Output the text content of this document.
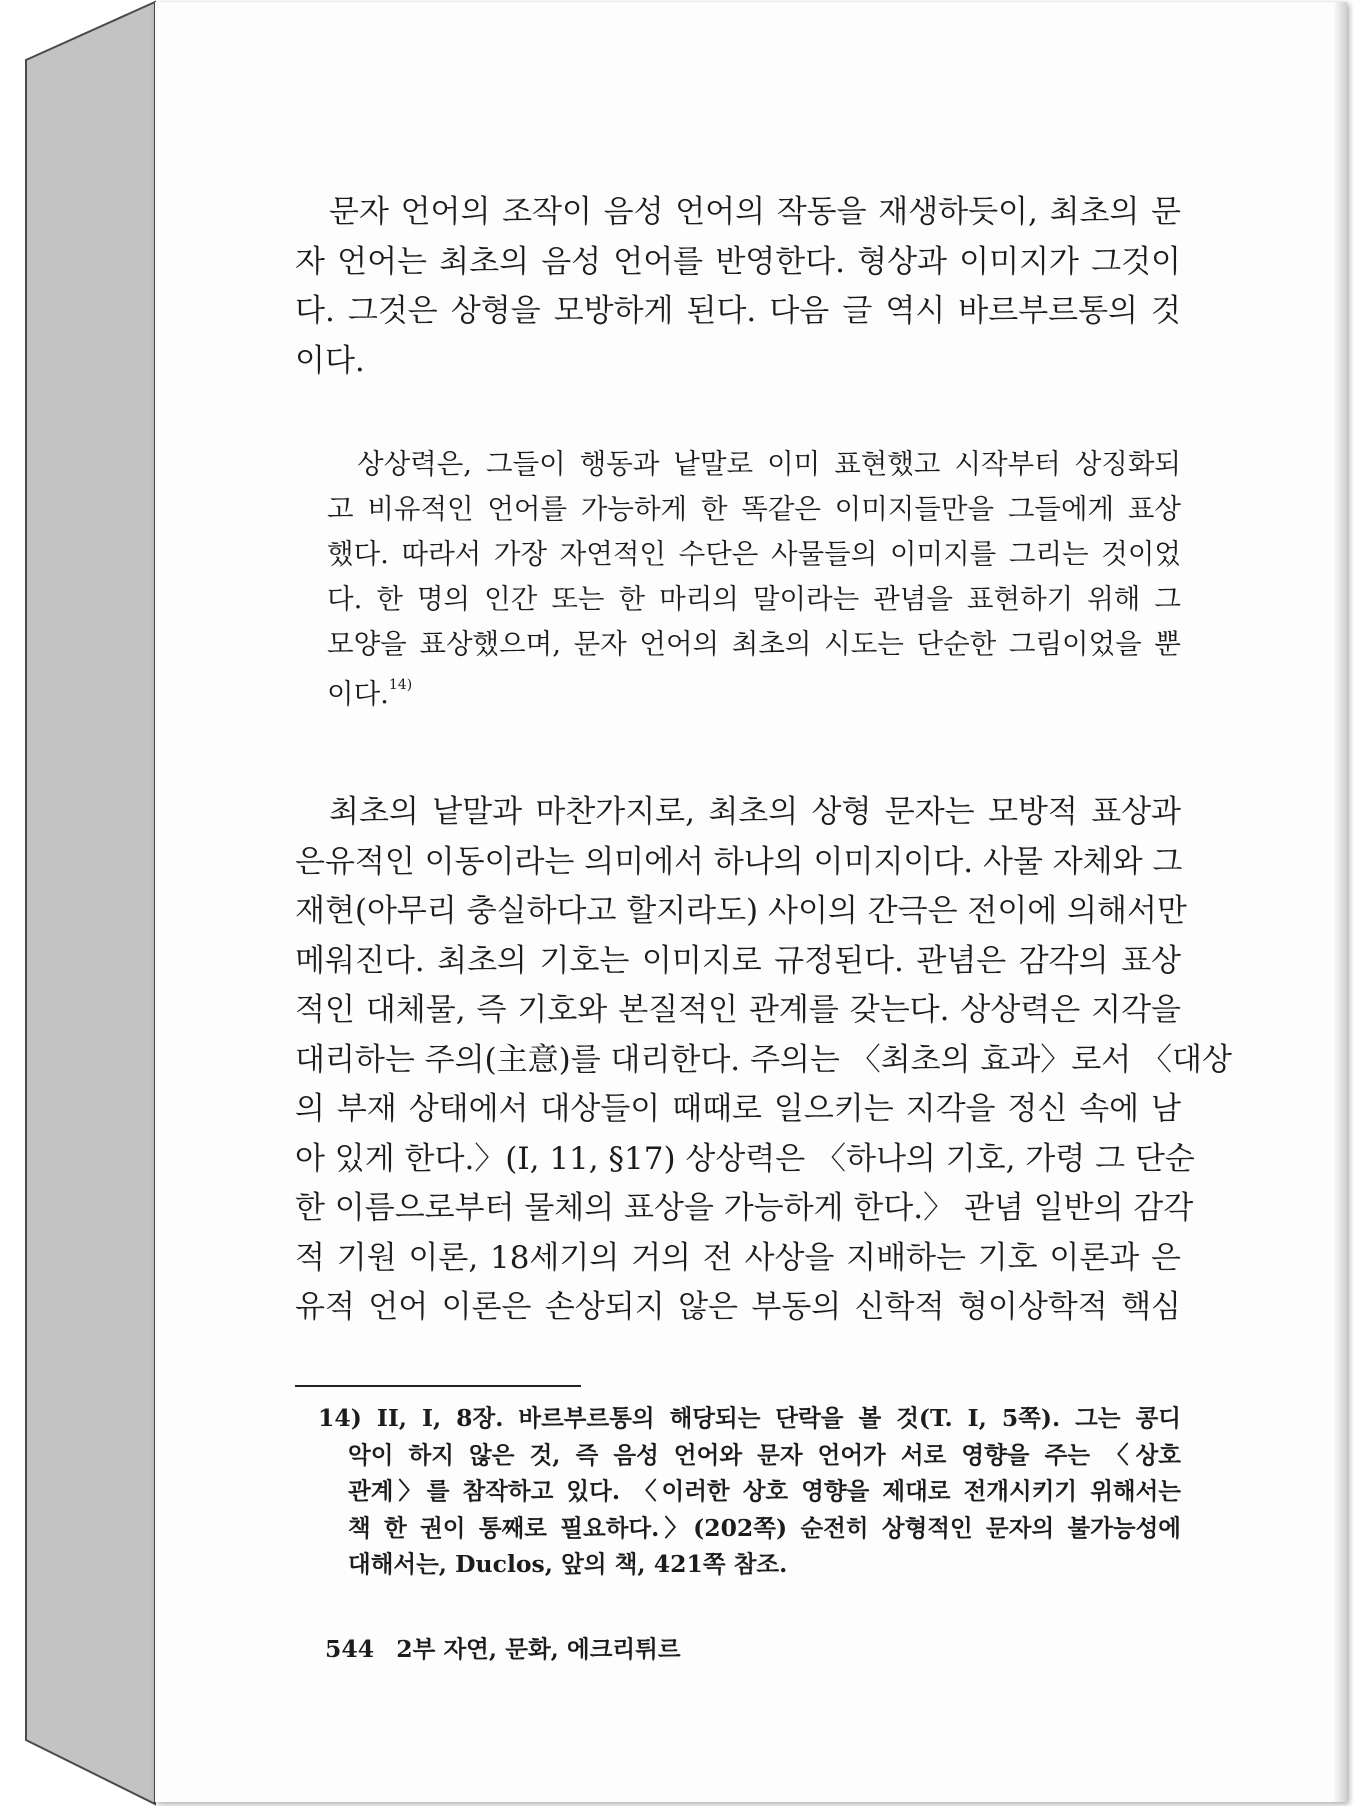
문자 언어의 조작이 음성 언어의 작동을 재생하듯이, 최초의 문
자 언어는 최초의 음성 언어를 반영한다. 형상과 이미지가 그것이
다. 그것은 상형을 모방하게 된다. 다음 글 역시 바르부르통의 것
이다.
상상력은, 그들이 행동과 낱말로 이미 표현했고 시작부터 상징화되
고 비유적인 언어를 가능하게 한 똑같은 이미지들만을 그들에게 표상
했다. 따라서 가장 자연적인 수단은 사물들의 이미지를 그리는 것이었
다. 한 명의 인간 또는 한 마리의 말이라는 관념을 표현하기 위해 그
모양을 표상했으며, 문자 언어의 최초의 시도는 단순한 그림이었을 뿐
이다.$^{14)}$
최초의 낱말과 마찬가지로, 최초의 상형 문자는 모방적 표상과
은유적인 이동이라는 의미에서 하나의 이미지이다. 사물 자체와 그
재현(아무리 충실하다고 할지라도) 사이의 간극은 전이에 의해서만
메워진다. 최초의 기호는 이미지로 규정된다. 관념은 감각의 표상
적인 대체물, 즉 기호와 본질적인 관계를 갖는다. 상상력은 지각을
대리하는 주의(主意)를 대리한다. 주의는 〈최초의 효과〉로서 〈대상
의 부재 상태에서 대상들이 때때로 일으키는 지각을 정신 속에 남
아 있게 한다.〉(I, 11, §17) 상상력은 〈하나의 기호, 가령 그 단순
한 이름으로부터 물체의 표상을 가능하게 한다.〉 관념 일반의 감각
적 기원 이론, 18세기의 거의 전 사상을 지배하는 기호 이론과 은
유적 언어 이론은 손상되지 않은 부동의 신학적 형이상학적 핵심
14) II, I, 8장. 바르부르통의 해당되는 단락을 볼 것(T. I, 5쪽). 그는 콩디
악이 하지 않은 것, 즉 음성 언어와 문자 언어가 서로 영향을 주는 〈상호
관계〉를 참작하고 있다. 〈이러한 상호 영향을 제대로 전개시키기 위해서는
책 한 권이 통째로 필요하다.〉(202쪽) 순전히 상형적인 문자의 불가능성에
대해서는, Duclos, 앞의 책, 421쪽 참조.
544 2부 자연, 문화, 에크리튀르
